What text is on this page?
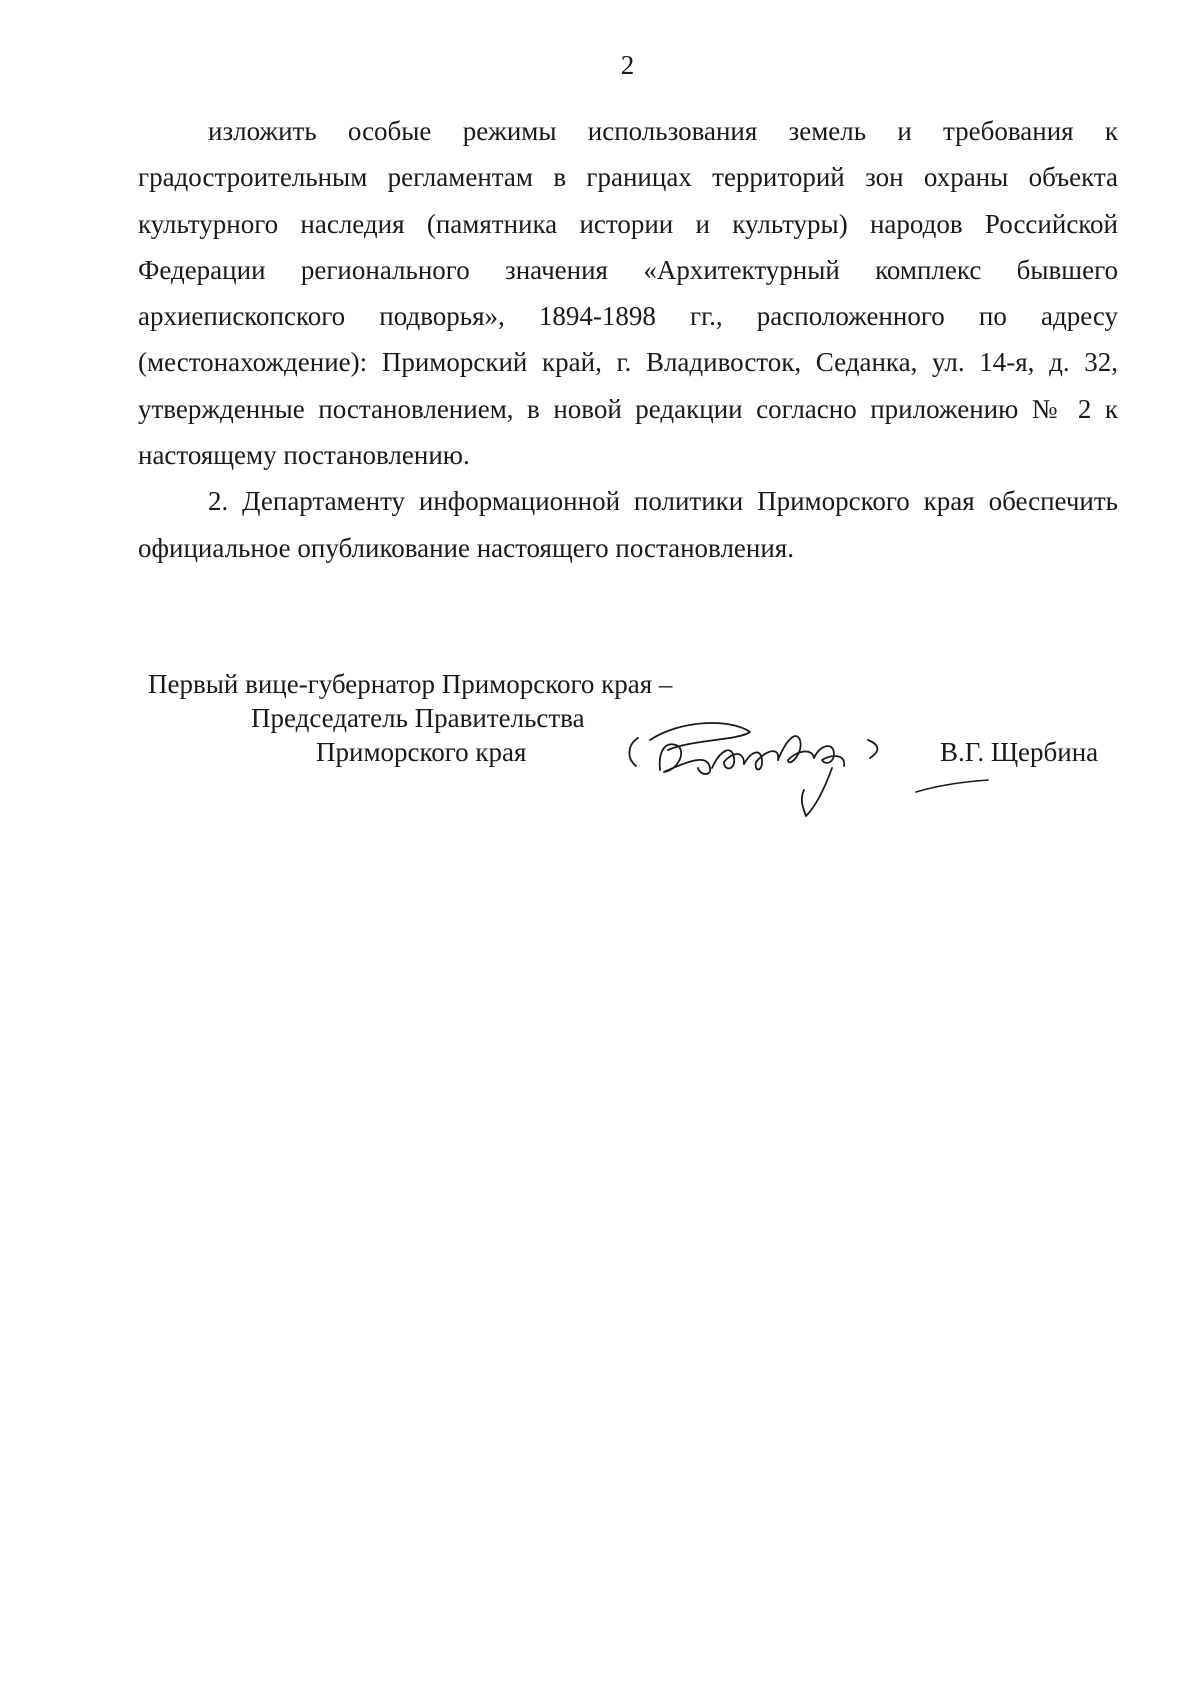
2

изложить особые режимы использования земель и требования к градостроительным регламентам в границах территорий зон охраны объекта культурного наследия (памятника истории и культуры) народов Российской Федерации регионального значения «Архитектурный комплекс бывшего архиепископского подворья», 1894-1898 гг., расположенного по адресу (местонахождение): Приморский край, г. Владивосток, Седанка, ул. 14-я, д. 32, утвержденные постановлением, в новой редакции согласно приложению № 2 к настоящему постановлению.

2. Департаменту информационной политики Приморского края обеспечить официальное опубликование настоящего постановления.

Первый вице-губернатор Приморского края –
Председатель Правительства
Приморского края	В.Г. Щербина
